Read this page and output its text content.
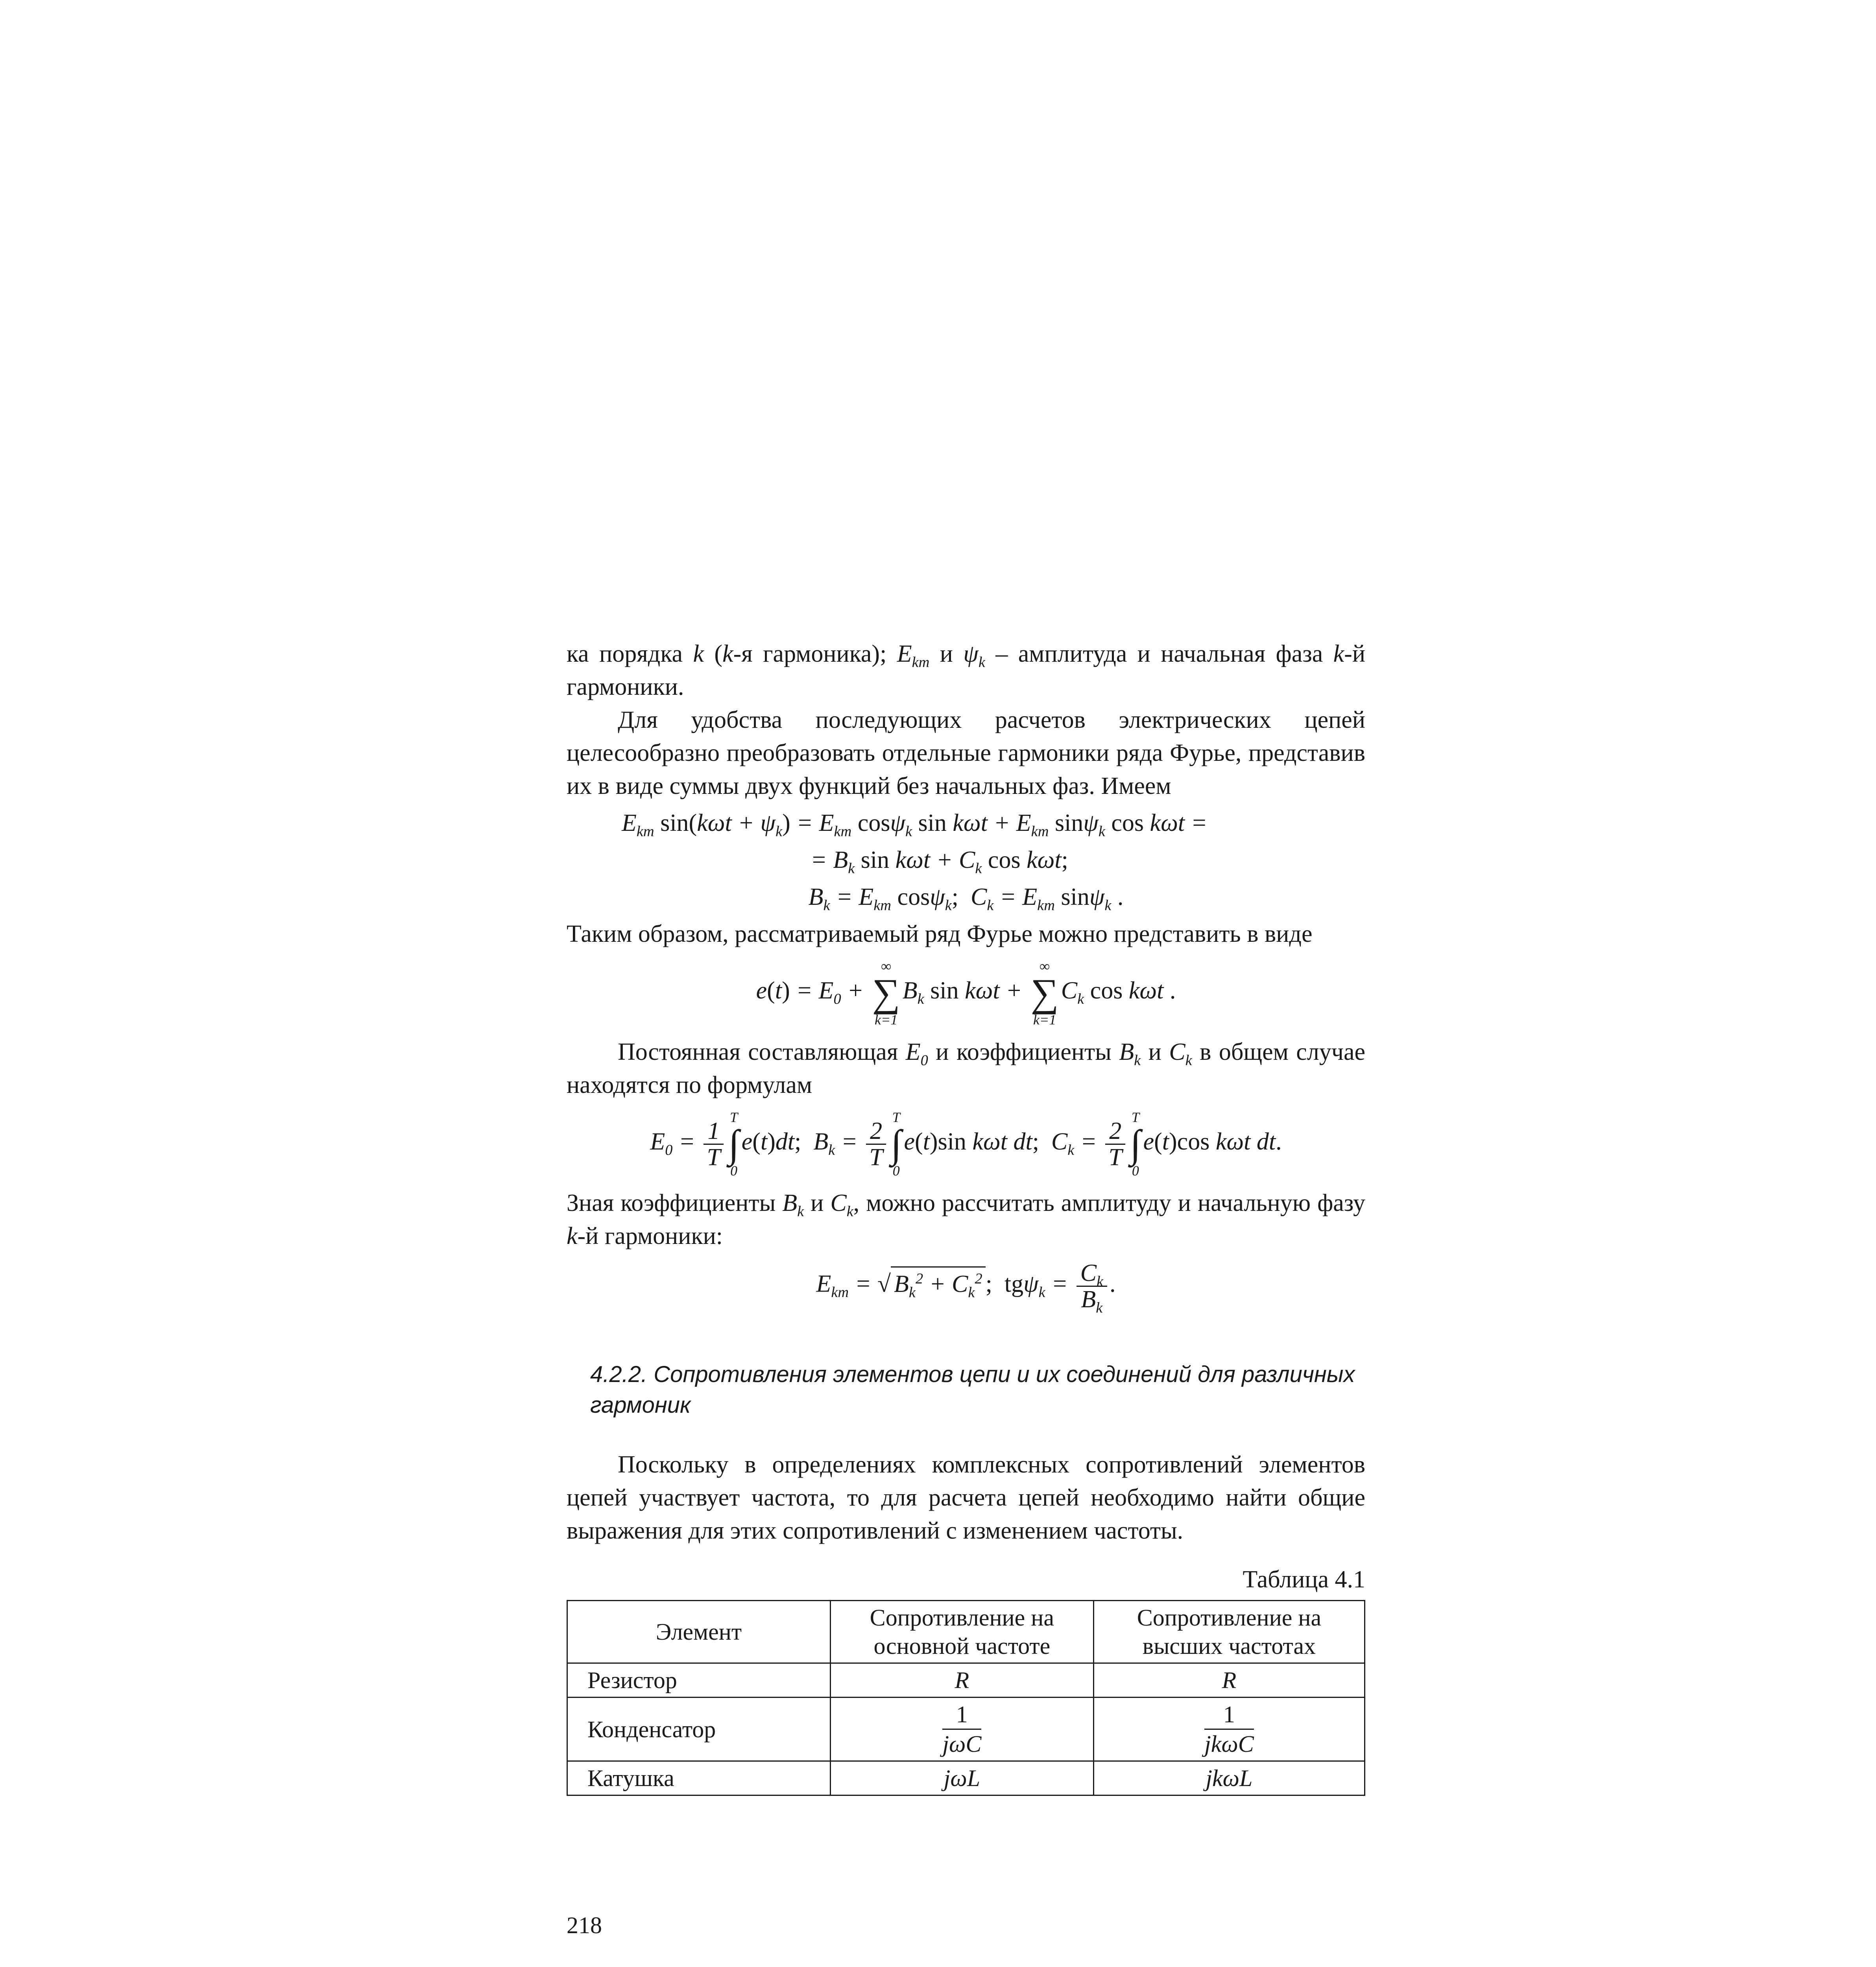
ка порядка k (k-я гармоника); $E_{km}$ и $\psi_k$ – амплитуда и начальная фаза k-й гармоники.

Для удобства последующих расчетов электрических цепей целесообразно преобразовать отдельные гармоники ряда Фурье, представив их в виде суммы двух функций без начальных фаз. Имеем

$E_{km}$ $\sin(k\omega t + \psi_k) = E_{km}$ cosψ$_k$ $\sin k\omega t + E_{km}$ sinψ$_k$ cos kωt =
= $B_k$ $\sin k\omega t + C_k$ cos kωt;
$B_k = E_{km}$ cosψ$_k$;  $C_k = E_{km}$ sinψ$_k$ .

Таким образом, рассматриваемый ряд Фурье можно представить в виде

$e(t) = E_0$ +
∞
∑
k=1
$B_k$ sin kωt +
∞
∑
k=1
$C_k$ cos kωt .

Постоянная составляющая $E_0$ и коэффициенты $B_k$ и $C_k$ в общем случае находятся по формулам

$E_0 = \frac{1}{T}$
T
∫
0
e(t)dt;  $B_k = \frac{2}{T}$
T
∫
0
e(t)sin kωt dt;  $C_k = \frac{2}{T}$
T
∫
0
e(t)cos kωt dt.

Зная коэффициенты $B_k$ и $C_k$, можно рассчитать амплитуду и начальную фазу k-й гармоники:

$E_{km}$ = √ $B_k^2 + C_k^2$ ; $tg\psi_k = \frac{C_k}{B_k}$ .
4.2.2. Сопротивления элементов цепи и их соединений для различных гармоник

Поскольку в определениях комплексных сопротивлений элементов цепей участвует частота, то для расчета цепей необходимо найти общие выражения для этих сопротивлений с изменением частоты.

Таблица 4.1
Элемент	Сопротивление на основной частоте	Сопротивление на высших частотах
Резистор	R	R
Конденсатор	$\frac{1}{\text{jωC}}$	$\frac{1}{\text{jkωC}}$

Катушка	jωL	jkωL
218
